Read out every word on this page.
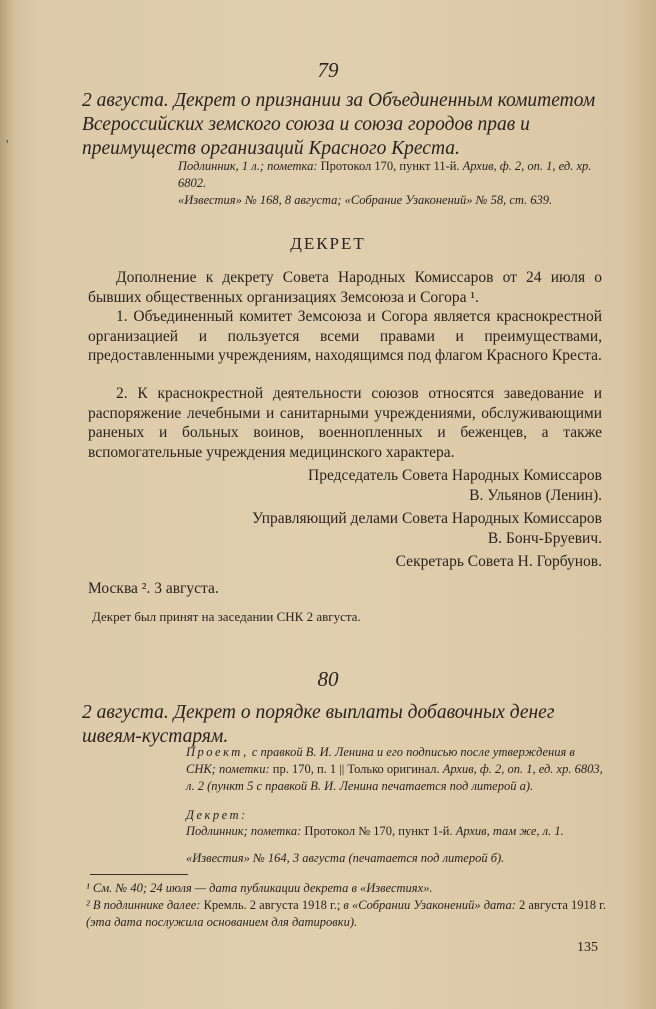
'
79

2 августа. Декрет о признании за Объединенным комитетом Всероссийских земского союза и союза городов прав и преимуществ организаций Красного Креста.

Подлинник, 1 л.; пометка: Протокол 170, пункт 11-й. Архив, ф. 2, оп. 1, ед. хр. 6802.

«Известия» № 168, 8 августа; «Собрание Узаконений» № 58, ст. 639.

ДЕКРЕТ

Дополнение к декрету Совета Народных Комиссаров от 24 июля о бывших общественных организациях Земсоюза и Согора ¹.

1. Объединенный комитет Земсоюза и Согора является краснокрестной организацией и пользуется всеми правами и преимуществами, предоставленными учреждениям, находящимся под флагом Красного Креста.

2. К краснокрестной деятельности союзов относятся заведование и распоряжение лечебными и санитарными учреждениями, обслуживающими раненых и больных воинов, военнопленных и беженцев, а также вспомогательные учреждения медицинского характера.

Председатель Совета Народных Комиссаров
В. Ульянов (Ленин).

Управляющий делами Совета Народных Комиссаров
В. Бонч-Бруевич.

Секретарь Совета Н. Горбунов.

Москва ². 3 августа.

Декрет был принят на заседании СНК 2 августа.

80

2 августа. Декрет о порядке выплаты добавочных денег швеям-кустарям.

Проект, с правкой В. И. Ленина и его подписью после утверждения в СНК; пометки: пр. 170, п. 1 || Только оригинал. Архив, ф. 2, оп. 1, ед. хр. 6803, л. 2 (пункт 5 с правкой В. И. Ленина печатается под литерой а).

Декрет:

Подлинник; пометка: Протокол № 170, пункт 1-й. Архив, там же, л. 1.

«Известия» № 164, 3 августа (печатается под литерой б).

¹ См. № 40; 24 июля — дата публикации декрета в «Известиях».

² В подлиннике далее: Кремль. 2 августа 1918 г.; в «Собрании Узаконений» дата: 2 августа 1918 г. (эта дата послужила основанием для датировки).

135
